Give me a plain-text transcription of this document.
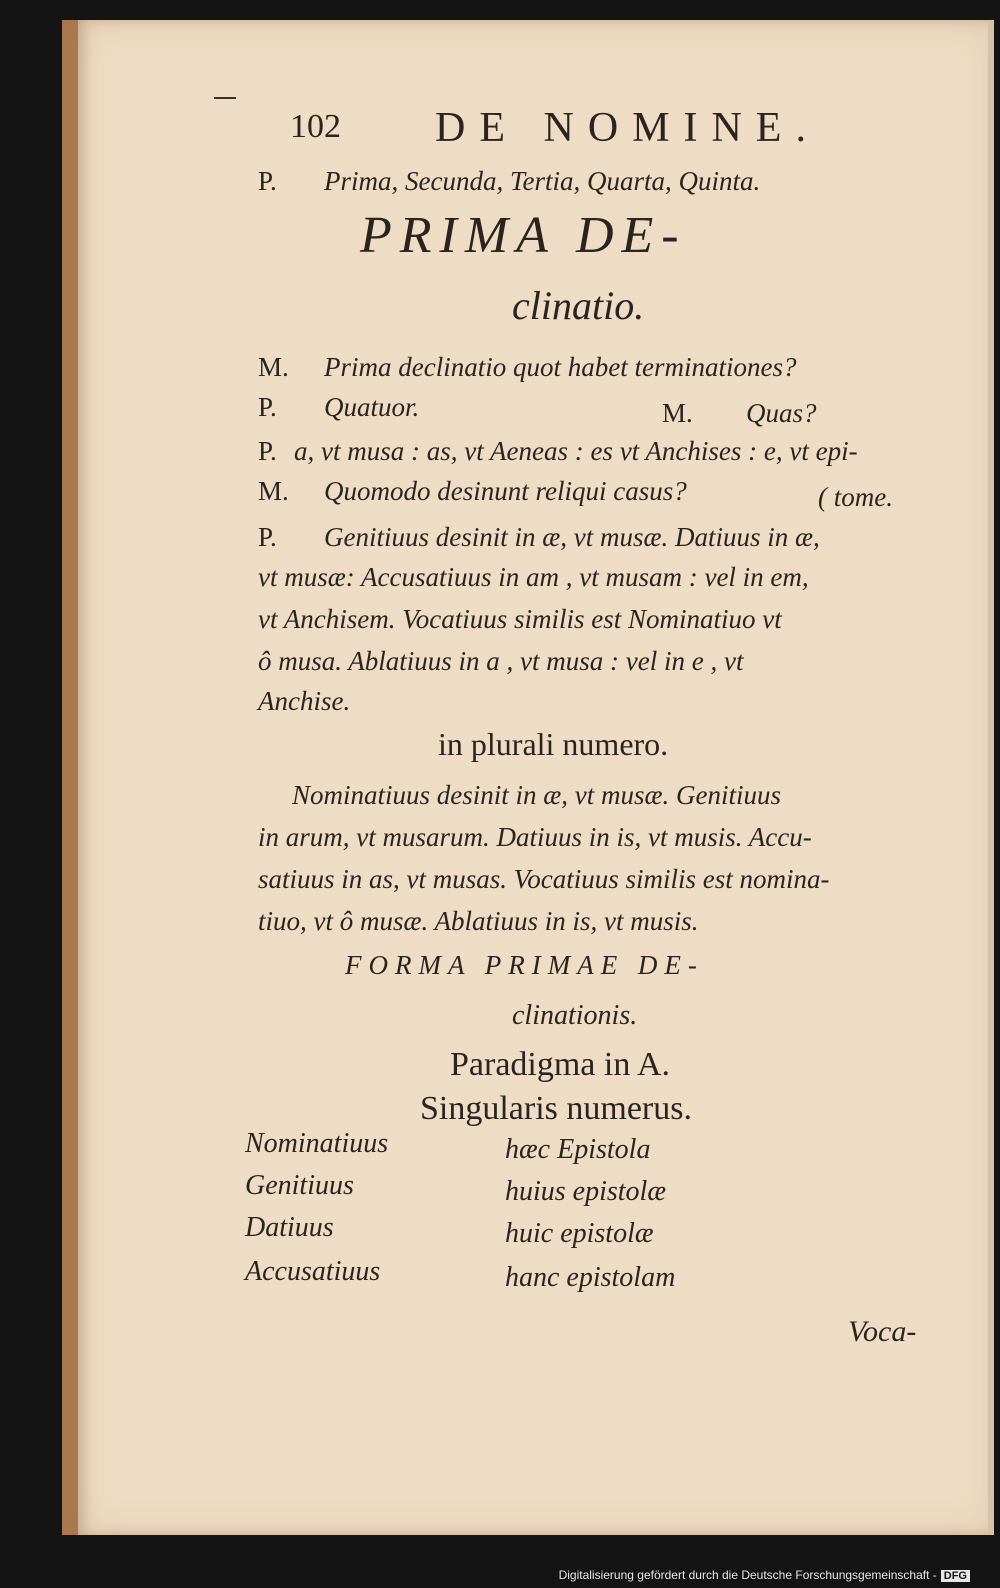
102 DE NOMINE.
P. Prima, Secunda, Tertia, Quarta, Quinta.
PRIMA DE-
clinatio.
M. Prima declinatio quot habet terminationes?
P. Quatuor.	M. Quas?
P. a, vt musa : as, vt Aeneas : es vt Anchises : e, vt epi-
M. Quomodo desinunt reliqui casus?	( tome.
P. Genitiuus desinit in æ, vt musæ. Datiuus in æ,
vt musæ: Accusatiuus in am , vt musam : vel in em,
vt Anchisem. Vocatiuus similis est Nominatiuo vt
ô musa. Ablatiuus in a , vt musa : vel in e , vt
Anchise.
in plurali numero.
Nominatiuus desinit in æ, vt musæ. Genitiuus
in arum, vt musarum. Datiuus in is, vt musis. Accu-
satiuus in as, vt musas. Vocatiuus similis est nomina-
tiuo, vt ô musæ. Ablatiuus in is, vt musis.
FORMA PRIMAE DE-
clinationis.
Paradigma in A.
Singularis numerus.
Nominatiuus	hæc Epistola
Genitiuus	huius epistolæ
Datiuus	huic epistolæ
Accusatiuus	hanc epistolam
Voca-
Digitalisierung gefördert durch die Deutsche Forschungsgemeinschaft - DFG
